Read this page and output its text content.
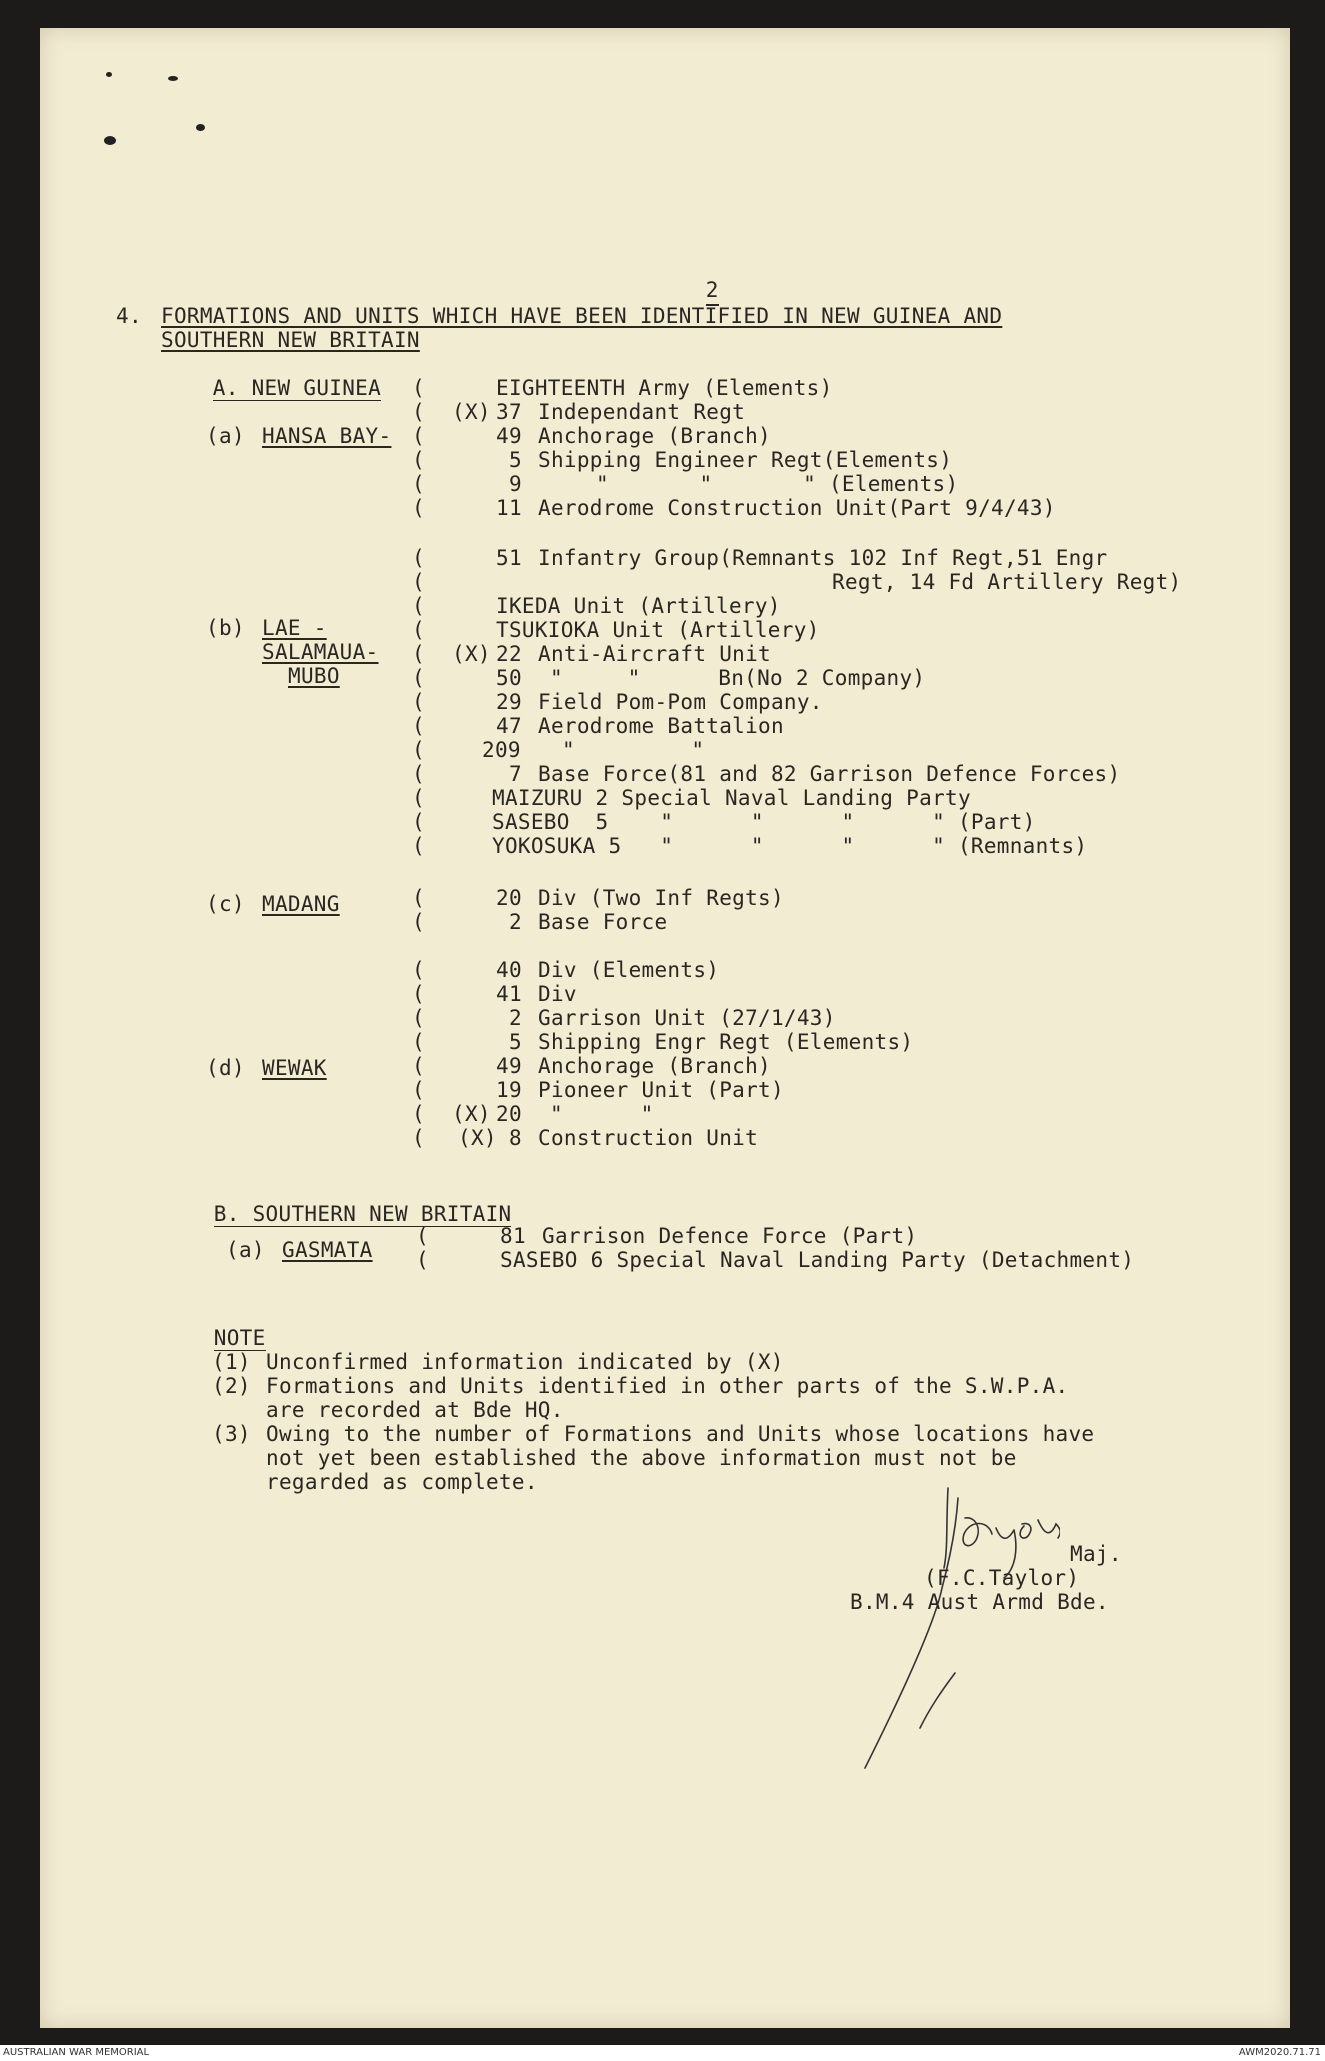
2

4. FORMATIONS AND UNITS WHICH HAVE BEEN IDENTIFIED IN NEW GUINEA AND
SOUTHERN NEW BRITAIN

A. NEW GUINEA

(a) HANSA BAY-
(X) 37
49
5
9
11
EIGHTEENTH Army (Elements)
Independant Regt
Anchorage (Branch)
Shipping Engineer Regt(Elements)
"       "       " (Elements)
Aerodrome Construction Unit(Part 9/4/43)
(b) LAE -
SALAMAUA-
MUBO
51 Infantry Group(Remnants 102 Inf Regt,51 Engr
Regt, 14 Fd Artillery Regt)
IKEDA Unit (Artillery)
TSUKIOKA Unit (Artillery)
(X) 22 Anti-Aircraft Unit
50 "     "      Bn(No 2 Company)
29 Field Pom-Pom Company.
47 Aerodrome Battalion
209 "         "
7 Base Force(81 and 82 Garrison Defence Forces)
MAIZURU 2 Special Naval Landing Party
SASEBO  5    "      "      "      " (Part)
YOKOSUKA 5   "      "      "      " (Remnants)
(c) MADANG	20 Div (Two Inf Regts)
2 Base Force
(d) WEWAK
40 Div (Elements)
41 Div
2 Garrison Unit (27/1/43)
5 Shipping Engr Regt (Elements)
49 Anchorage (Branch)
19 Pioneer Unit (Part)
(X) 20 "      "
(X) 8 Construction Unit

B. SOUTHERN NEW BRITAIN

(a) GASMATA
81 Garrison Defence Force (Part)
SASEBO 6 Special Naval Landing Party (Detachment)
(
(
(
(
(
(
(
(
(
(
(
(
(
(
(
(
(
(
(
(
(
(
(
(
(
(
(
(
(
(
(

NOTE

(1) Unconfirmed information indicated by (X)
(2) Formations and Units identified in other parts of the S.W.P.A.
are recorded at Bde HQ.
(3) Owing to the number of Formations and Units whose locations have
not yet been established the above information must not be
regarded as complete.
Maj.
(F.C.Taylor)
B.M.4 Aust Armd Bde.
AUSTRALIAN WAR MEMORIAL	AWM2020.71.71
